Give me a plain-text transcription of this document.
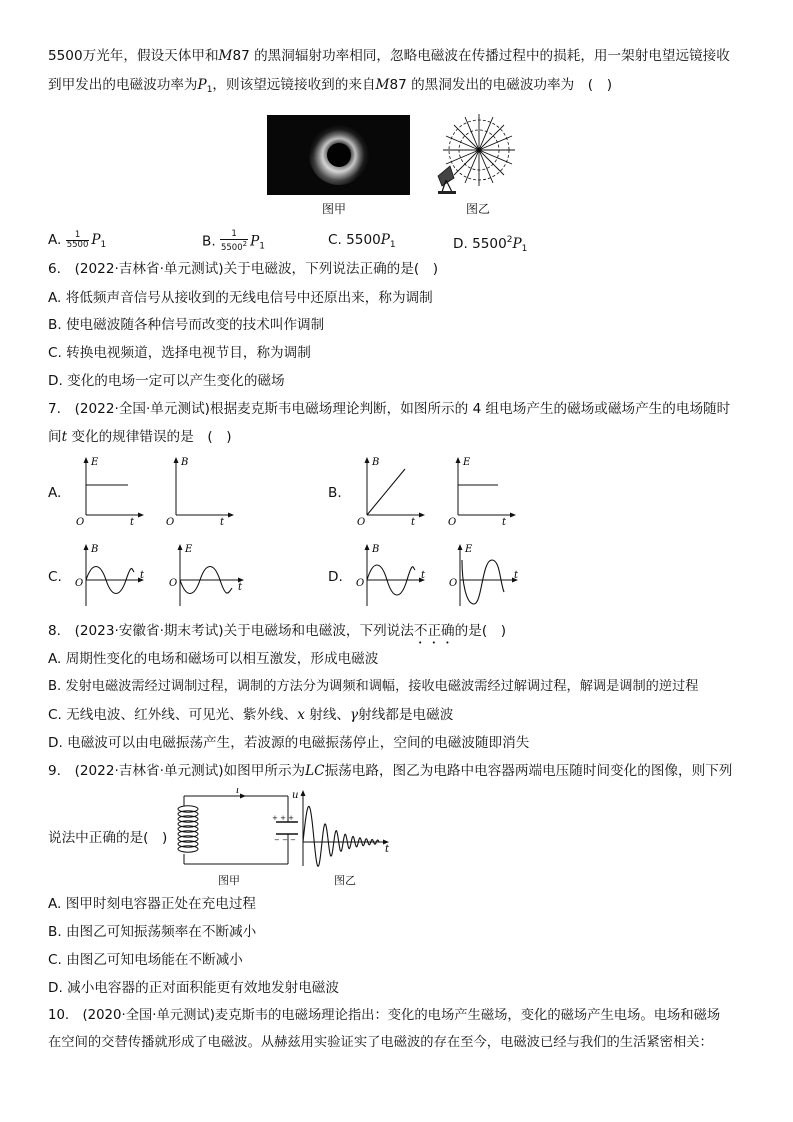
5500万光年，假设天体甲和M87 的黑洞辐射功率相同，忽略电磁波在传播过程中的损耗，用一架射电望远镜接收
到甲发出的电磁波功率为$P_1$，则该望远镜接收到的来自M87 的黑洞发出的电磁波功率为　(　)
图甲	图乙
A. $\frac{1}{5500} P_1$	B. $\frac{1}{5500^2} P_1$	C. $5500P_1$	D. $5500^2P_1$
6.　(2022·吉林省·单元测试)关于电磁波，下列说法正确的是(　)
A. 将低频声音信号从接收到的无线电信号中还原出来，称为调制
B. 使电磁波随各种信号而改变的技术叫作调制
C. 转换电视频道，选择电视节目，称为调制
D. 变化的电场一定可以产生变化的磁场
7.　(2022·全国·单元测试)根据麦克斯韦电磁场理论判断，如图所示的 4 组电场产生的磁场或磁场产生的电场随时
间t 变化的规律错误的是　(　)
A.	B.
C.	D.
E
O	t
B
O	t
B
O	t
E
O	t
B
O
t
E
O	t
B
O
t
E
O
t
8.　(2023·安徽省·期末考试)关于电磁场和电磁波，下列说法不正确的是(　)
A. 周期性变化的电场和磁场可以相互激发，形成电磁波
B. 发射电磁波需经过调制过程，调制的方法分为调频和调幅，接收电磁波需经过解调过程，解调是调制的逆过程
C. 无线电波、红外线、可见光、紫外线、x 射线、γ射线都是电磁波
D. 电磁波可以由电磁振荡产生，若波源的电磁振荡停止，空间的电磁波随即消失
9.　(2022·吉林省·单元测试)如图甲所示为LC振荡电路，图乙为电路中电容器两端电压随时间变化的图像，则下列
说法中正确的是(　)
+ + +
− − −
i
图甲
u
t
图乙
A. 图甲时刻电容器正处在充电过程
B. 由图乙可知振荡频率在不断减小
C. 由图乙可知电场能在不断减小
D. 减小电容器的正对面积能更有效地发射电磁波
10.　(2020·全国·单元测试)麦克斯韦的电磁场理论指出：变化的电场产生磁场，变化的磁场产生电场。电场和磁场
在空间的交替传播就形成了电磁波。从赫兹用实验证实了电磁波的存在至今，电磁波已经与我们的生活紧密相关：
